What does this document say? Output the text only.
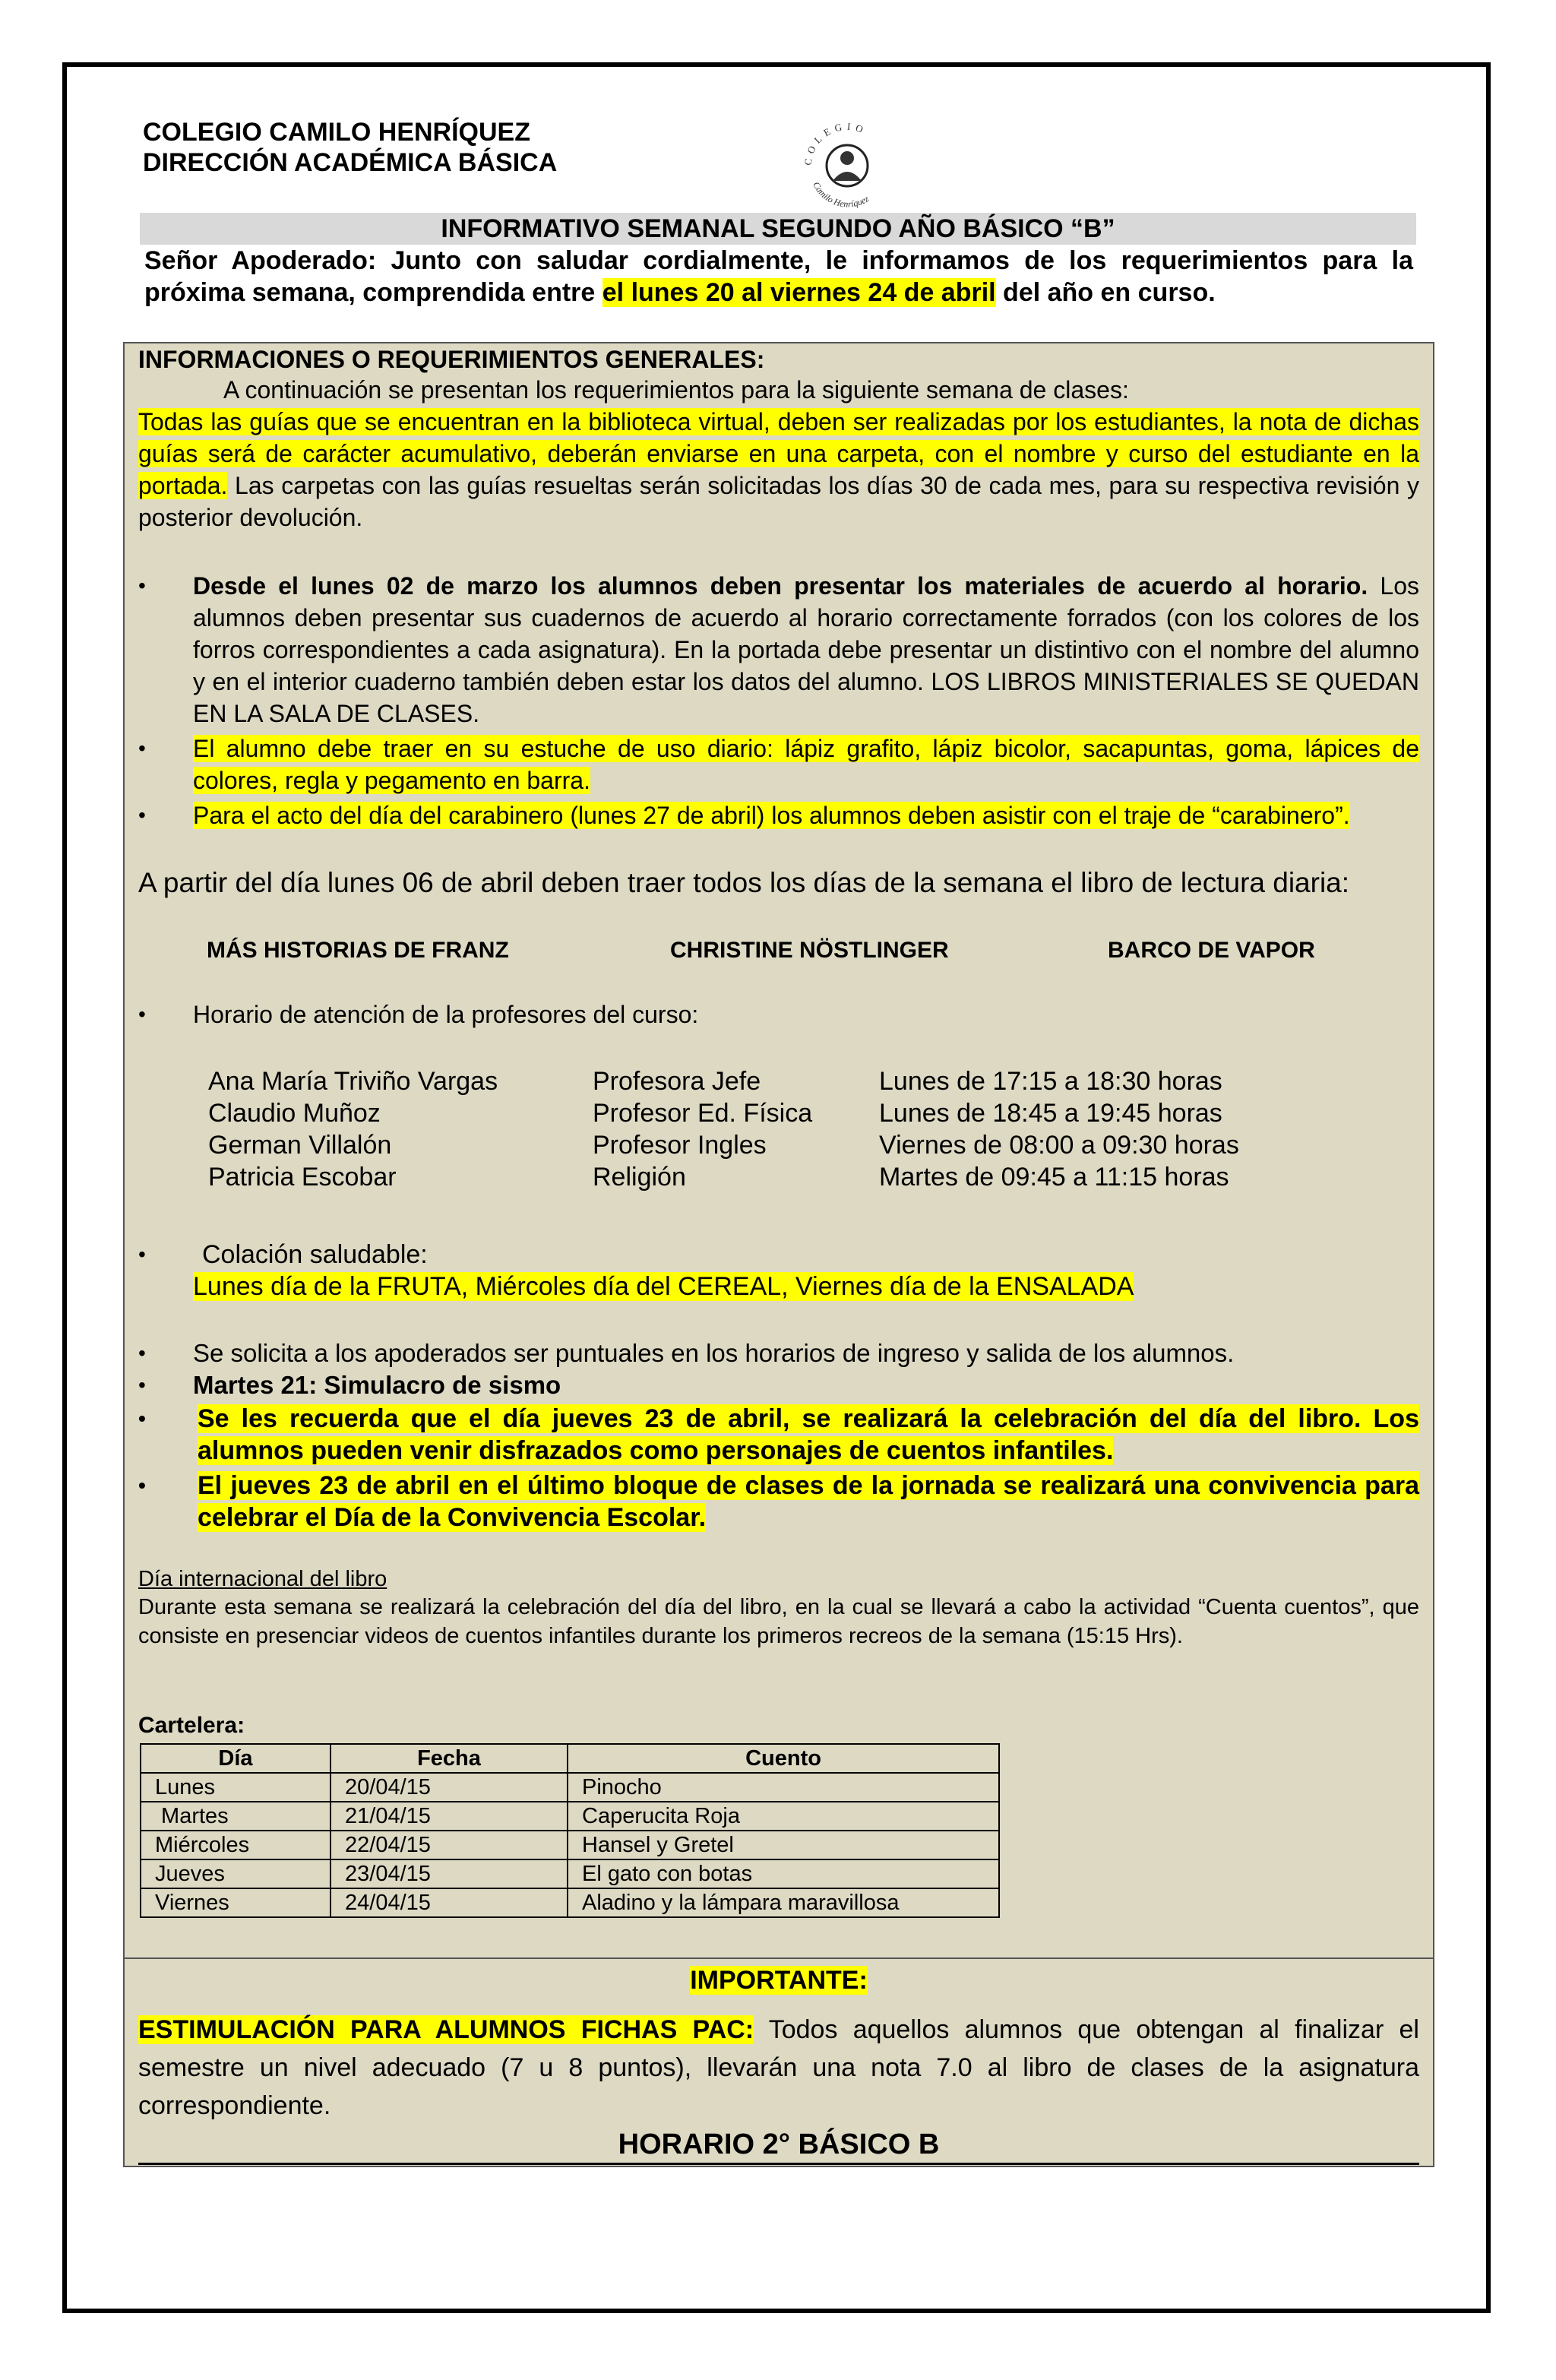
COLEGIO CAMILO HENRÍQUEZ
DIRECCIÓN ACADÉMICA BÁSICA	COLEGIO
Camilo Henríquez
INFORMATIVO SEMANAL SEGUNDO AÑO BÁSICO “B”
Señor Apoderado: Junto con saludar cordialmente, le informamos de los requerimientos para la próxima semana, comprendida entre el lunes 20 al viernes 24 de abril del año en curso.
INFORMACIONES O REQUERIMIENTOS GENERALES:
A continuación se presentan los requerimientos para la siguiente semana de clases:
Todas las guías que se encuentran en la biblioteca virtual, deben ser realizadas por los estudiantes, la nota de dichas guías será de carácter acumulativo, deberán enviarse en una carpeta, con el nombre y curso del estudiante en la portada. Las carpetas con las guías resueltas serán solicitadas los días 30 de cada mes, para su respectiva revisión y posterior devolución.
•	Desde el lunes 02 de marzo los alumnos deben presentar los materiales de acuerdo al horario. Los alumnos deben presentar sus cuadernos de acuerdo al horario correctamente forrados (con los colores de los forros correspondientes a cada asignatura). En la portada debe presentar un distintivo con el nombre del alumno y en el interior cuaderno también deben estar los datos del alumno. LOS LIBROS MINISTERIALES SE QUEDAN EN LA SALA DE CLASES.
•	El alumno debe traer en su estuche de uso diario: lápiz grafito, lápiz bicolor, sacapuntas, goma, lápices de colores, regla y pegamento en barra.
•	Para el acto del día del carabinero (lunes 27 de abril) los alumnos deben asistir con el traje de “carabinero”.
A partir del día lunes 06 de abril deben traer todos los días de la semana el libro de lectura diaria:
MÁS HISTORIAS DE FRANZ	CHRISTINE NÖSTLINGER	BARCO DE VAPOR
•	Horario de atención de la profesores del curso:
Ana María Triviño Vargas	Profesora Jefe	Lunes de 17:15 a 18:30 horas
Claudio Muñoz	Profesor Ed. Física	Lunes de 18:45 a 19:45 horas
German Villalón	Profesor Ingles	Viernes de 08:00 a 09:30 horas
Patricia Escobar	Religión	Martes de 09:45 a 11:15 horas
•	Colación saludable:
Lunes día de la FRUTA, Miércoles día del CEREAL, Viernes día de la ENSALADA
•	Se solicita a los apoderados ser puntuales en los horarios de ingreso y salida de los alumnos.
•	Martes 21: Simulacro de sismo
•	Se les recuerda que el día jueves 23 de abril, se realizará la celebración del día del libro. Los alumnos pueden venir disfrazados como personajes de cuentos infantiles.
•	El jueves 23 de abril en el último bloque de clases de la jornada se realizará una convivencia para celebrar el Día de la Convivencia Escolar.
Día internacional del libro
Durante esta semana se realizará la celebración del día del libro, en la cual se llevará a cabo la actividad “Cuenta cuentos”, que consiste en presenciar videos de cuentos infantiles durante los primeros recreos de la semana (15:15 Hrs).
Cartelera:
Día	Fecha	Cuento
Lunes	20/04/15	Pinocho
Martes	21/04/15	Caperucita Roja
Miércoles	22/04/15	Hansel y Gretel
Jueves	23/04/15	El gato con botas
Viernes	24/04/15	Aladino y la lámpara maravillosa
IMPORTANTE:
ESTIMULACIÓN PARA ALUMNOS FICHAS PAC: Todos aquellos alumnos que obtengan al finalizar el semestre un nivel adecuado (7 u 8 puntos), llevarán una nota 7.0 al libro de clases de la asignatura correspondiente.
HORARIO 2° BÁSICO B
